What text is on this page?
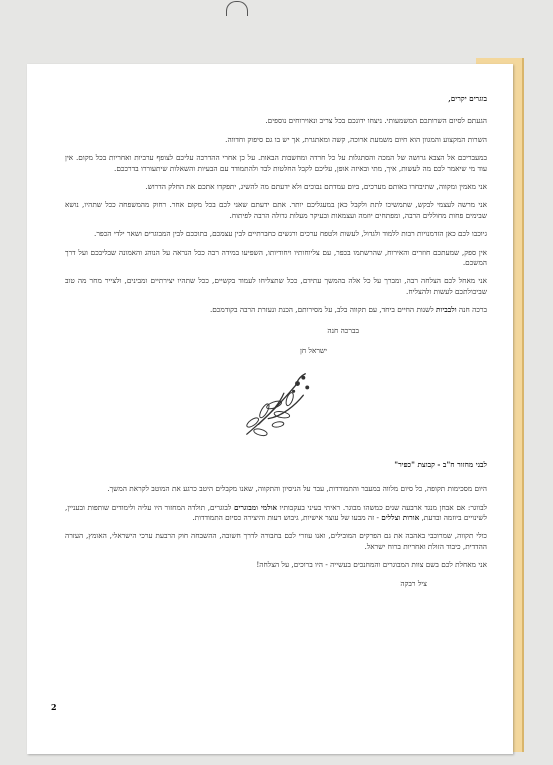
בוגרים יקרים,

הגעתם לסיום השרותכם המשמעותי. ניצחו ידונכם בכל צריב ונאוירוחים נוספים.

השרות המקצוע והמגוון הוא חיום משמעת ארוכה, קשה ומאתגרת, אך יש בו גם סיפוק וחדווה.

במעבריכם אל הצבא גרושה של המכה והסתגלות על כל חרדה ומחשבות הבאות. על כן אחרי ההדרכה עליכם לצופף ערביות ואחריות בכל מקום. אין עוד מי שיאמר לכם מה לעשות, איך, מתי ובאיזה אופן, עליכם לקבל החלטות לבד ולהתמודד עם הבעיות והשאלות שיתעוררו בדרככם.

אני מאמין ומקווה, שתיבחרו באותם מערכים, ביום עמדתם נבוכים ולא ידעתם מה להשיג, יתפקדו אתכם את החלק הדרוש.

אני מרשה לעצמי לבקש, שתמשיכו לתת ולקבל כאן במעגליכם יותר. אתם ידעתם שאני לכם בכל מקום אחר. רחוק מהמשפחה ככל שתהיו, נושא שבימים פחות מחוללים הרבה, ומפתחים יוזמה ועצמאות ובעיקר מעלות גדולה הרבה לפיתוח.

גיוכבו לכם כאן הזדמנויות רבות ללמוד ולגדול, לעשות ולטפח ערכים ורגשים כחברתיים לבין עצמכם, בתוככם לבין המבוגרים ושאר ילדי הכפר.

אין ספק, שמעתכם חוזרים והאירוח, שהרשתמו בכפר, עם צליוחותיו ויחודיותו, השפיעו במידה רבה ככל הנראה על הנוהג והאמונה שבליבכם ועל דרך המשכם.

אני מאחל לכם הצלחה רבה, ומברך על כל אלה בהמשך עתידם, ככל שתצליחו לעמוד בקשיים, ככל שתהיו יצירתיים ומבינים, ולצייר מחר מה טוב שביכולתכם לעשות ולהצליח.

ברכה חנה ולבביות לשנות החיים ביחד, עם תקווה בלב, על מסירותם, הכנת ונעזרת הרבה בקודמכם.

בברכה חנה
ישראל חן

לבני מחזור ח"ב - קבוצת "כפיר"

היום מסכימות תקופה, כל סיום מלווה במעבר והתמודדות, עבר על הניסיון והתקווה, שאנו מקבלים היטב כרגע את המוטב לקראת המשך.

לבווגר: אם אבחן מנגד ארבעה שנים כמשהו מבוגר. ראיתי בעיני בעקבותיו אולמי ומבוגרים לבוגרים, תולדה המחזור היו עליה ולימודים שותפות ובעניין, לשינויים ביוזמה ובדעת, אורות וצללים - זה מבעו של עוצר אישיות, גיבוש דעות והיצירה כסיום התמודדות.

כולי תקווה, שמרוכבי באהבה את גם הפרקים המובילים, ואנו עוזרי לכם בחבורה לדרך חשובה, ההשבחה חוק הרבעת ערכי הישראלי, האומץ, העזרה ההדדית, כיבוד הזולת ואחריות ברוח ישראל.

אני מאחלת לכם בשם צוות המבוגרים והמחנכים בעשייה - היו ברוכים, על הצלחה!

ציל רבקה
2
